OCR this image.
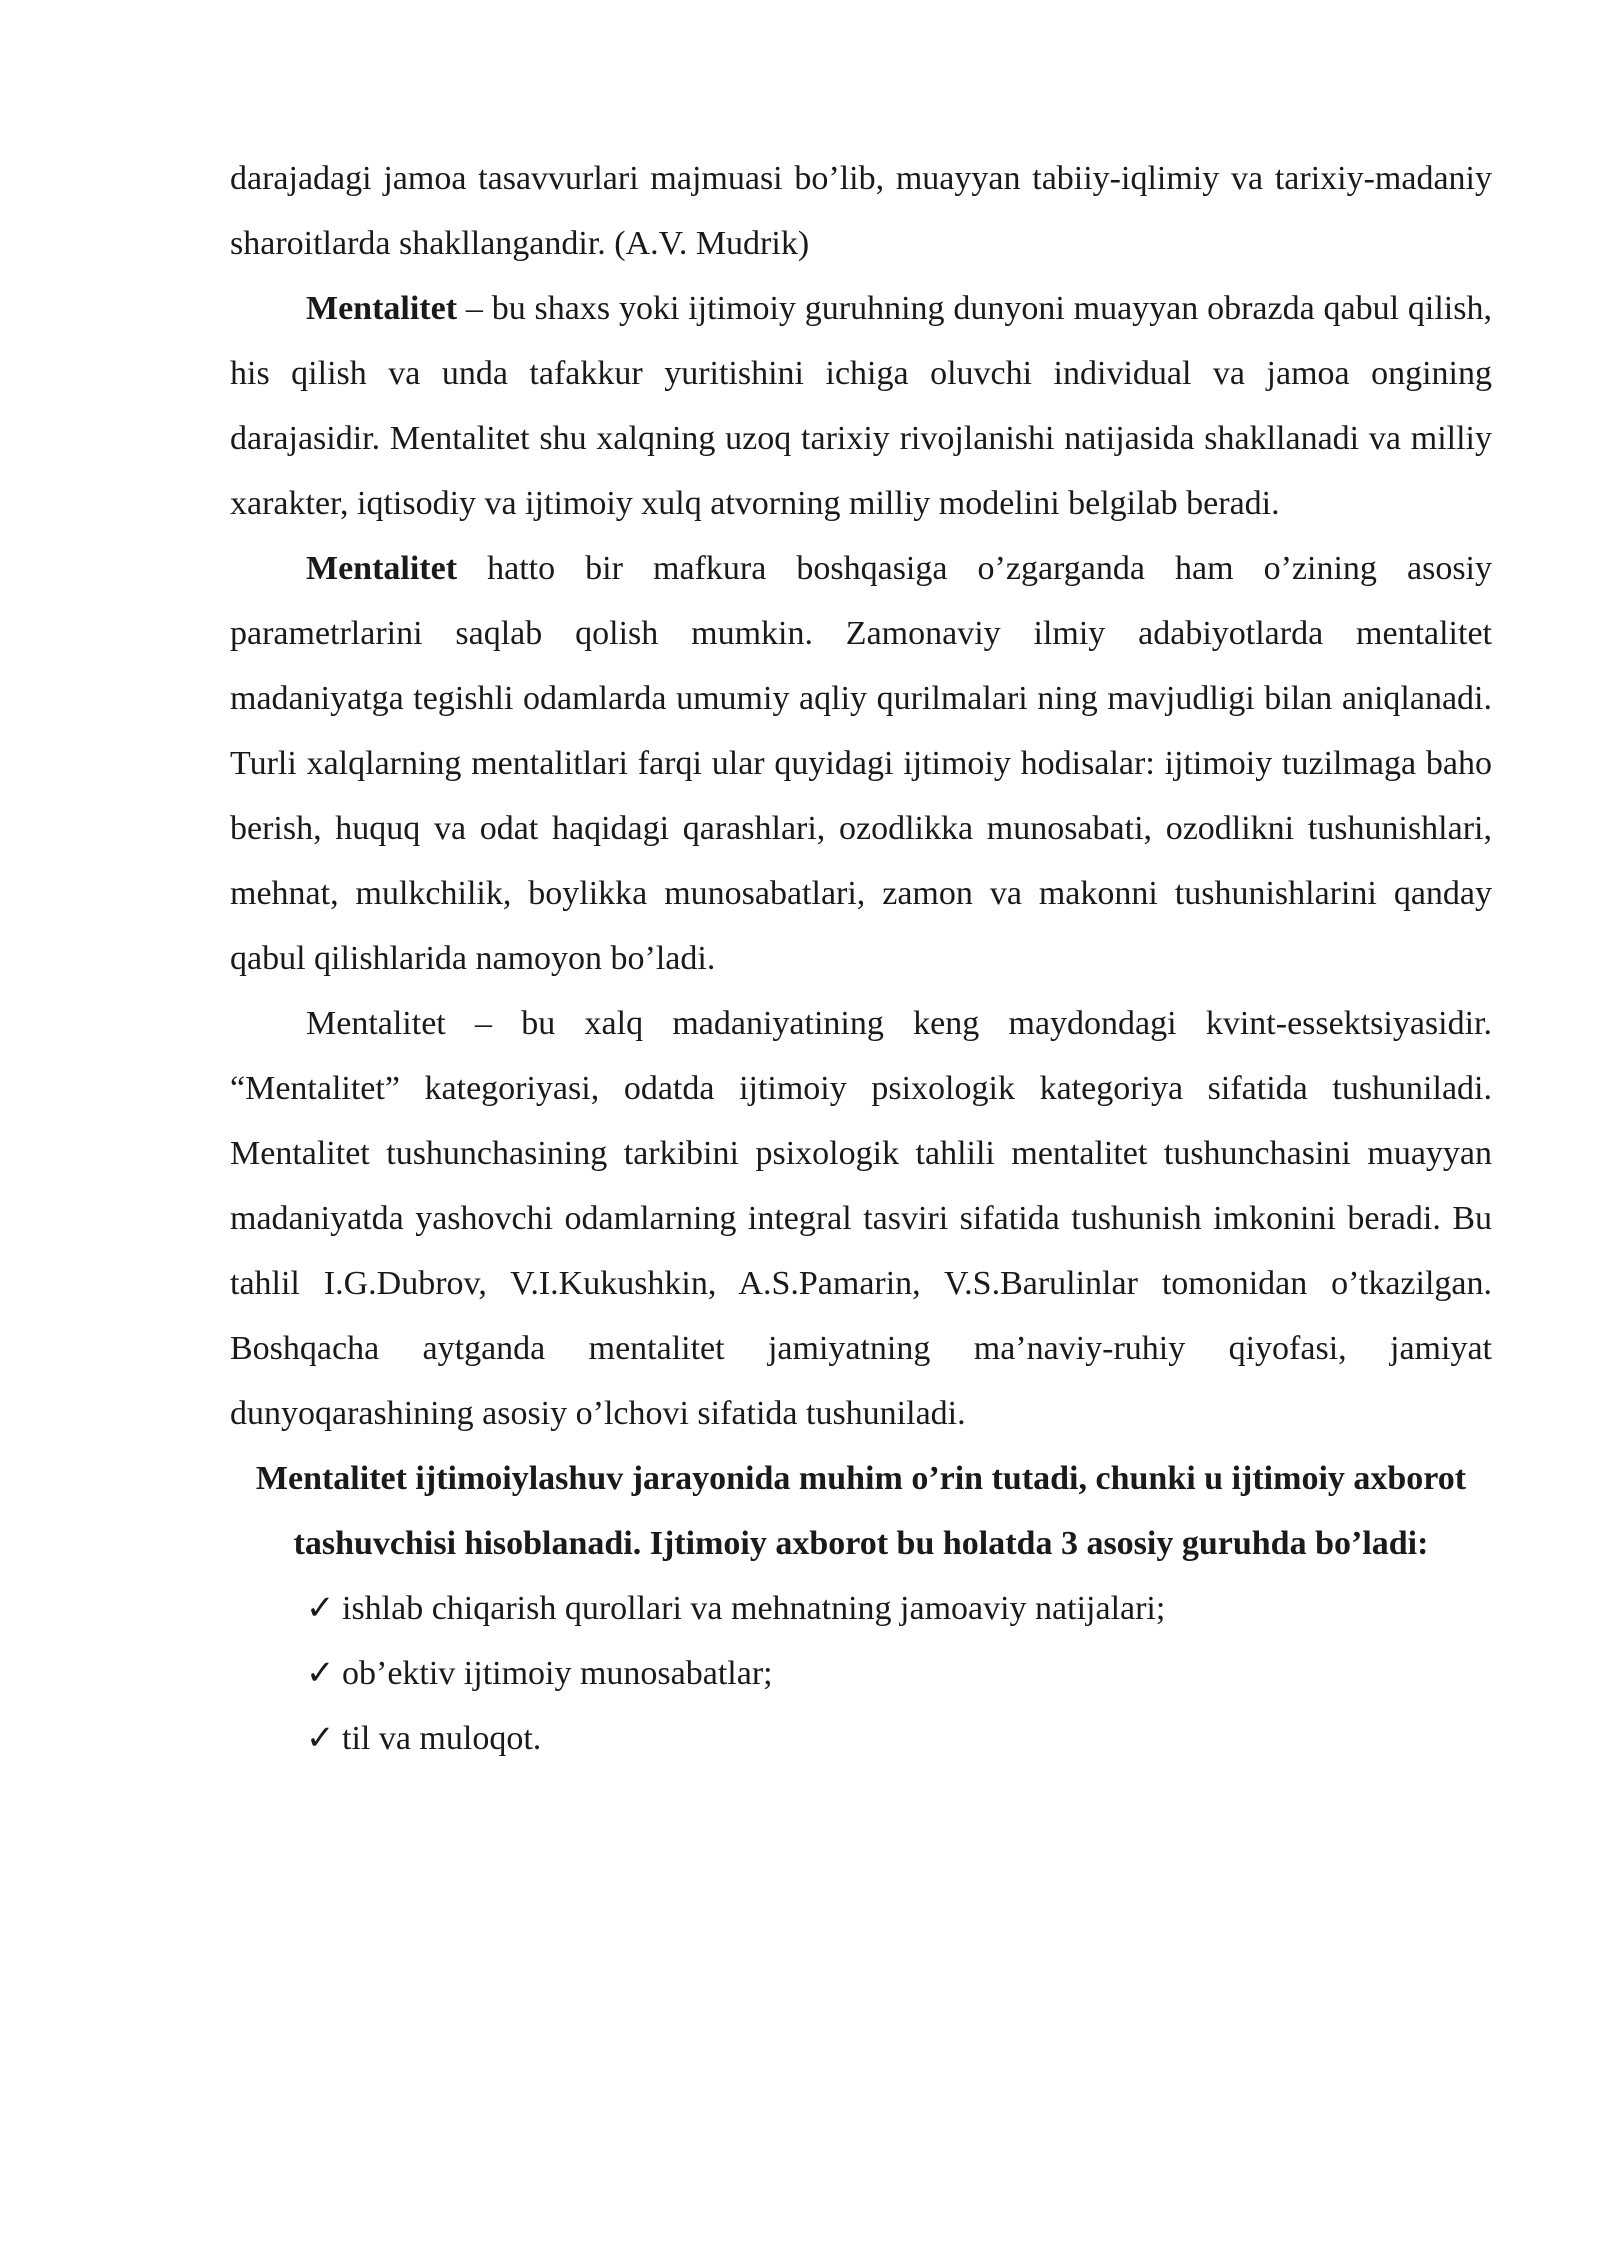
darajadagi jamoa tasavvurlari majmuasi bo’lib, muayyan tabiiy-iqlimiy va tarixiy-madaniy sharoitlarda shakllangandir. (A.V. Mudrik)

Mentalitet – bu shaxs yoki ijtimoiy guruhning dunyoni muayyan obrazda qabul qilish, his qilish va unda tafakkur yuritishini ichiga oluvchi individual va jamoa ongining darajasidir. Mentalitet shu xalqning uzoq tarixiy rivojlanishi natijasida shakllanadi va milliy xarakter, iqtisodiy va ijtimoiy xulq atvorning milliy modelini belgilab beradi.

Mentalitet hatto bir mafkura boshqasiga o’zgarganda ham o’zining asosiy parametrlarini saqlab qolish mumkin. Zamonaviy ilmiy adabiyotlarda mentalitet madaniyatga tegishli odamlarda umumiy aqliy qurilmalari ning mavjudligi bilan aniqlanadi. Turli xalqlarning mentalitlari farqi ular quyidagi ijtimoiy hodisalar: ijtimoiy tuzilmaga baho berish, huquq va odat haqidagi qarashlari, ozodlikka munosabati, ozodlikni tushunishlari, mehnat, mulkchilik, boylikka munosabatlari, zamon va makonni tushunishlarini qanday qabul qilishlarida namoyon bo’ladi.

Mentalitet – bu xalq madaniyatining keng maydondagi kvint-essektsiyasidir. “Mentalitet” kategoriyasi, odatda ijtimoiy psixologik kategoriya sifatida tushuniladi. Mentalitet tushunchasining tarkibini psixologik tahlili mentalitet tushunchasini muayyan madaniyatda yashovchi odamlarning integral tasviri sifatida tushunish imkonini beradi. Bu tahlil I.G.Dubrov, V.I.Kukushkin, A.S.Pamarin, V.S.Barulinlar tomonidan o’tkazilgan. Boshqacha aytganda mentalitet jamiyatning ma’naviy-ruhiy qiyofasi, jamiyat dunyoqarashining asosiy o’lchovi sifatida tushuniladi.

Mentalitet ijtimoiylashuv jarayonida muhim o’rin tutadi, chunki u ijtimoiy axborot tashuvchisi hisoblanadi. Ijtimoiy axborot bu holatda 3 asosiy guruhda bo’ladi:

✓ ishlab chiqarish qurollari va mehnatning jamoaviy natijalari;
✓ ob’ektiv ijtimoiy munosabatlar;
✓ til va muloqot.
